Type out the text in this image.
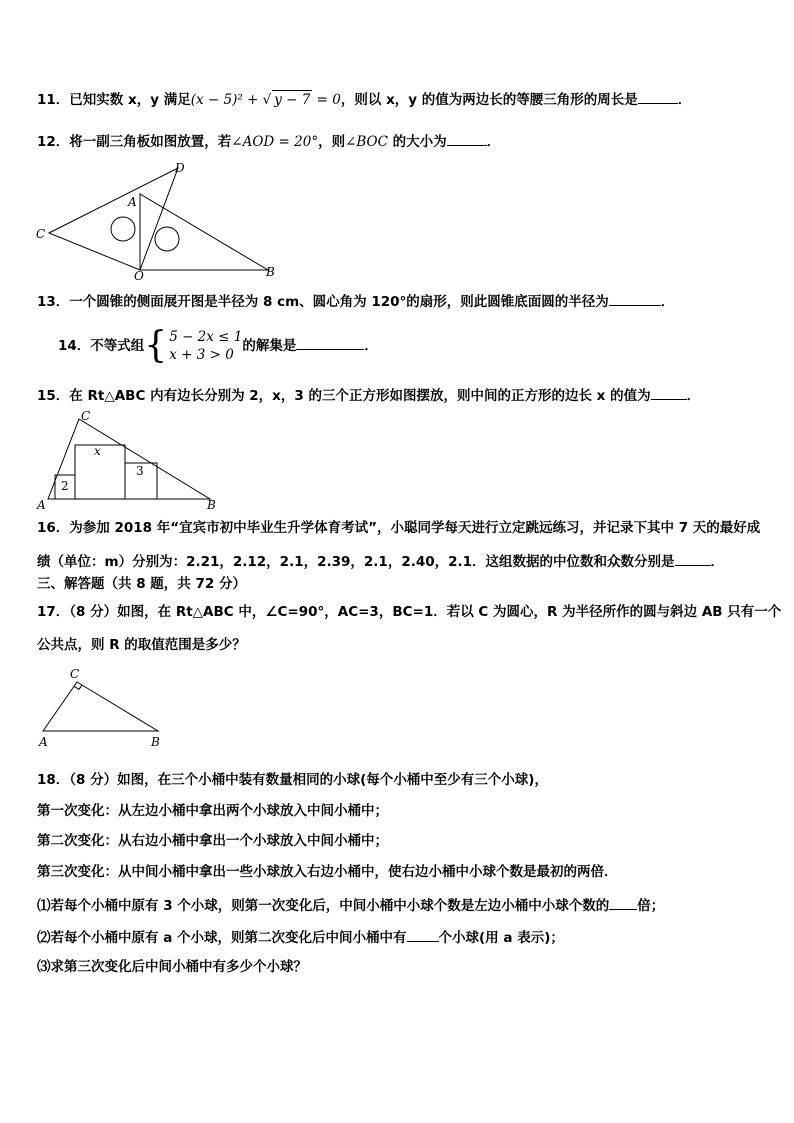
11．已知实数 x，y 满足(x − 5)² + √ y − 7 = 0，则以 x，y 的值为两边长的等腰三角形的周长是	．
12．将一副三角板如图放置，若∠AOD = 20°，则∠BOC 的大小为	．
C
A
D
O	B
13．一个圆锥的侧面展开图是半径为 8 cm、圆心角为 120°的扇形，则此圆锥底面圆的半径为	．
14．不等式组 { 5 − 2x ≤ 1
x + 3 > 0
的解集是	．
15．在 Rt△ABC 内有边长分别为 2，x，3 的三个正方形如图摆放，则中间的正方形的边长 x 的值为	．
C
A	B
2
x
3
16．为参加 2018 年“宜宾市初中毕业生升学体育考试”，小聪同学每天进行立定跳远练习，并记录下其中 7 天的最好成
绩（单位：m）分别为：2.21，2.12，2.1，2.39，2.1，2.40，2.1．这组数据的中位数和众数分别是	．
三、解答题（共 8 题，共 72 分）
17．（8 分）如图，在 Rt△ABC 中，∠C=90°，AC=3，BC=1．若以 C 为圆心，R 为半径所作的圆与斜边 AB 只有一个
公共点，则 R 的取值范围是多少？
C
A	B
18．（8 分）如图，在三个小桶中装有数量相同的小球(每个小桶中至少有三个小球)，
第一次变化：从左边小桶中拿出两个小球放入中间小桶中；
第二次变化：从右边小桶中拿出一个小球放入中间小桶中；
第三次变化：从中间小桶中拿出一些小球放入右边小桶中，使右边小桶中小球个数是最初的两倍．
⑴若每个小桶中原有 3 个小球，则第一次变化后，中间小桶中小球个数是左边小桶中小球个数的 倍；
⑵若每个小桶中原有 a 个小球，则第二次变化后中间小桶中有 个小球(用 a 表示)；
⑶求第三次变化后中间小桶中有多少个小球？
